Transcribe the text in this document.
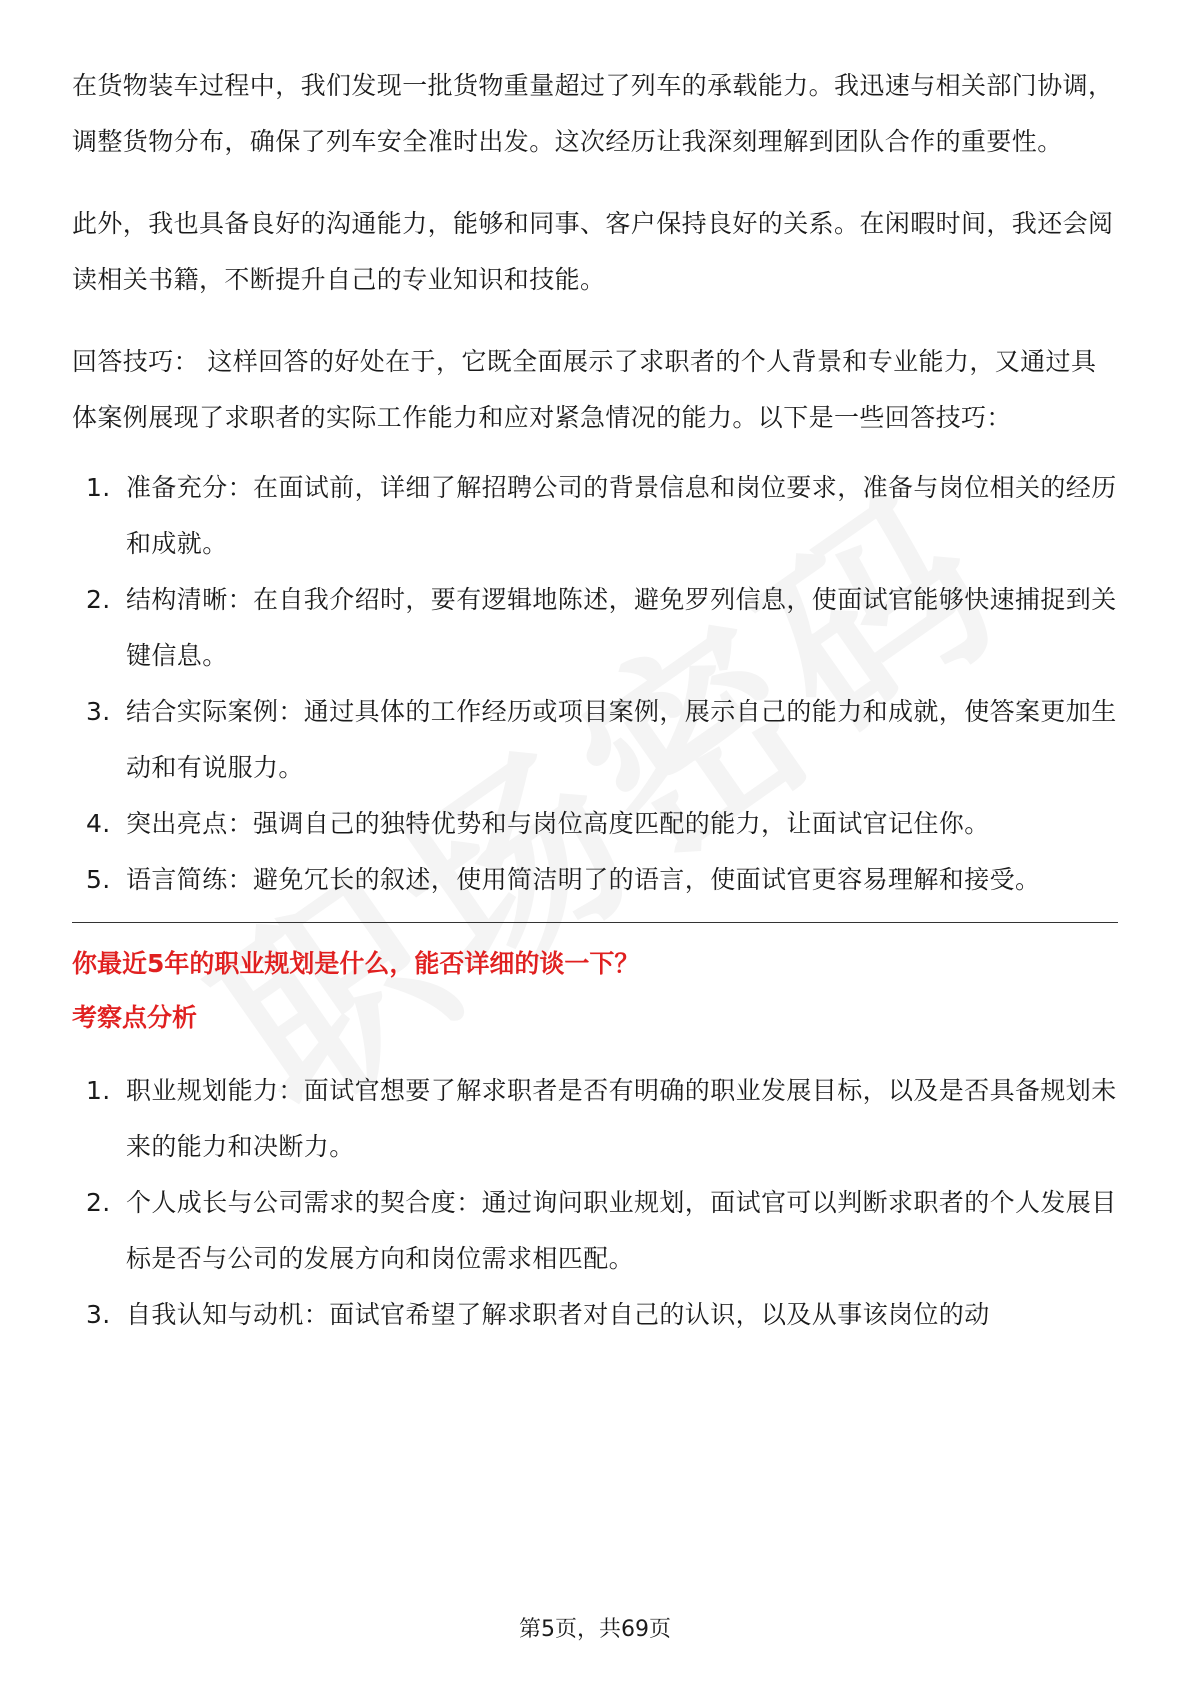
在货物装车过程中，我们发现一批货物重量超过了列车的承载能力。我迅速与相关部门协调，调整货物分布，确保了列车安全准时出发。这次经历让我深刻理解到团队合作的重要性。

此外，我也具备良好的沟通能力，能够和同事、客户保持良好的关系。在闲暇时间，我还会阅读相关书籍，不断提升自己的专业知识和技能。

回答技巧： 这样回答的好处在于，它既全面展示了求职者的个人背景和专业能力，又通过具体案例展现了求职者的实际工作能力和应对紧急情况的能力。以下是一些回答技巧：

1. 准备充分：在面试前，详细了解招聘公司的背景信息和岗位要求，准备与岗位相关的经历和成就。
2. 结构清晰：在自我介绍时，要有逻辑地陈述，避免罗列信息，使面试官能够快速捕捉到关键信息。
3. 结合实际案例：通过具体的工作经历或项目案例，展示自己的能力和成就，使答案更加生动和有说服力。
4. 突出亮点：强调自己的独特优势和与岗位高度匹配的能力，让面试官记住你。
5. 语言简练：避免冗长的叙述，使用简洁明了的语言，使面试官更容易理解和接受。

你最近5年的职业规划是什么，能否详细的谈一下？

考察点分析

1. 职业规划能力：面试官想要了解求职者是否有明确的职业发展目标，以及是否具备规划未来的能力和决断力。
2. 个人成长与公司需求的契合度：通过询问职业规划，面试官可以判断求职者的个人发展目标是否与公司的发展方向和岗位需求相匹配。
3. 自我认知与动机：面试官希望了解求职者对自己的认识，以及从事该岗位的动
第5页，共69页
